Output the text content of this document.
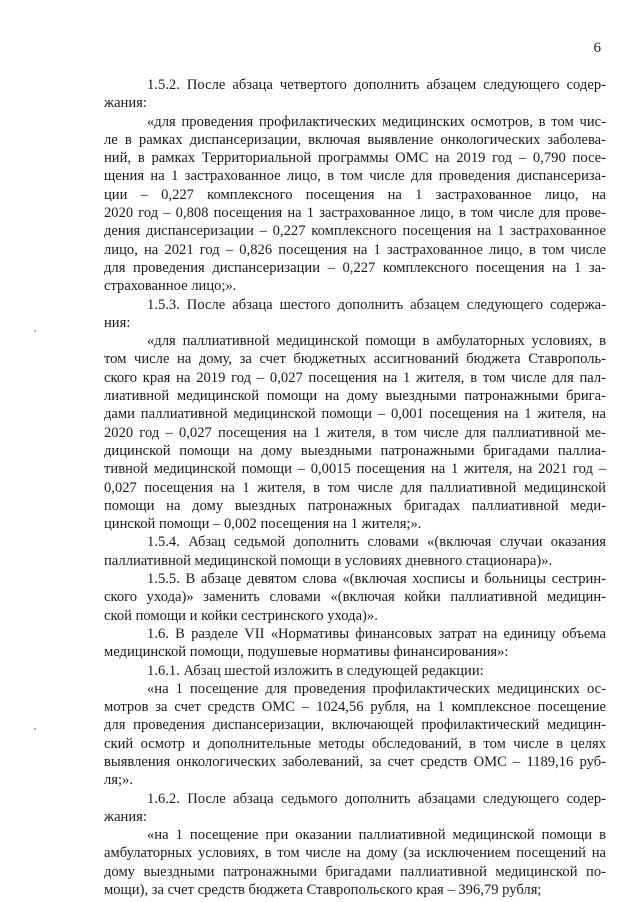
6
1.5.2. После абзаца четвертого дополнить абзацем следующего содер-
жания:
«для проведения профилактических медицинских осмотров, в том чис-
ле в рамках диспансеризации, включая выявление онкологических заболева-
ний, в рамках Территориальной программы ОМС на 2019 год – 0,790 посе-
щения на 1 застрахованное лицо, в том числе для проведения диспансеризa-
ции – 0,227 комплексного посещения на 1 застрахованное лицо, на
2020 год – 0,808 посещения на 1 застрахованное лицо, в том числе для прове-
дения диспансеризации – 0,227 комплексного посещения на 1 застрахованное
лицо, на 2021 год – 0,826 посещения на 1 застрахованное лицо, в том числе
для проведения диспансеризации – 0,227 комплексного посещения на 1 за-
страхованное лицо;».
1.5.3. После абзаца шестого дополнить абзацем следующего содержа-
ния:
«для паллиативной медицинской помощи в амбулаторных условиях, в
том числе на дому, за счет бюджетных ассигнований бюджета Ставрополь-
ского края на 2019 год – 0,027 посещения на 1 жителя, в том числе для пал-
лиативной медицинской помощи на дому выездными патронажными брига-
дами паллиативной медицинской помощи – 0,001 посещения на 1 жителя, на
2020 год – 0,027 посещения на 1 жителя, в том числе для паллиативной ме-
дицинской помощи на дому выездными патронажными бригадами паллиа-
тивной медицинской помощи – 0,0015 посещения на 1 жителя, на 2021 год –
0,027 посещения на 1 жителя, в том числе для паллиативной медицинской
помощи на дому выездных патронажных бригадах паллиативной меди-
цинской помощи – 0,002 посещения на 1 жителя;».
1.5.4. Абзац седьмой дополнить словами «(включая случаи оказания
паллиативной медицинской помощи в условиях дневного стационара)».
1.5.5. В абзаце девятом слова «(включая хосписы и больницы сестрин-
ского ухода)» заменить словами «(включая койки паллиативной медицин-
ской помощи и койки сестринского ухода)».
1.6. В разделе VII «Нормативы финансовых затрат на единицу объема
медицинской помощи, подушевые нормативы финансирования»:
1.6.1. Абзац шестой изложить в следующей редакции:
«на 1 посещение для проведения профилактических медицинских ос-
мотров за счет средств ОМС – 1024,56 рубля, на 1 комплексное посещение
для проведения диспансеризации, включающей профилактический медицин-
ский осмотр и дополнительные методы обследований, в том числе в целях
выявления онкологических заболеваний, за счет средств ОМС – 1189,16 руб-
ля;».
1.6.2. После абзаца седьмого дополнить абзацами следующего содер-
жания:
«на 1 посещение при оказании паллиативной медицинской помощи в
амбулаторных условиях, в том числе на дому (за исключением посещений на
дому выездными патронажными бригадами паллиативной медицинской по-
мощи), за счет средств бюджета Ставропольского края – 396,79 рубля;
